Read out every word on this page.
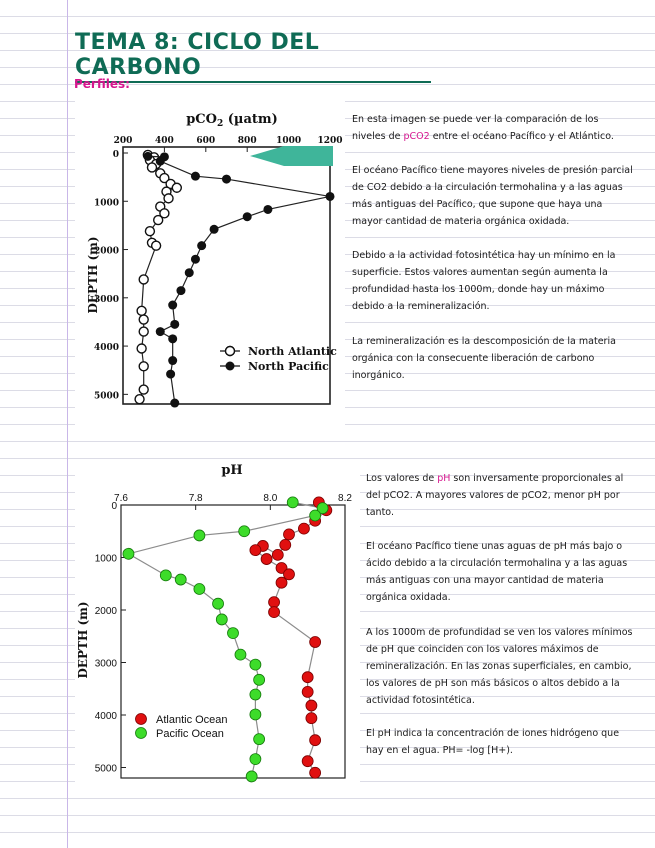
TEMA 8: CICLO DEL CARBONO
Perfiles:
200	400	600	800 1000 1200
0
1000
2000
3000
4000
5000
pCO$_2$ (µatm)
DEPTH (m)
North Atlantic
North Pacific
En esta imagen se puede ver la comparación de los niveles de pCO2 entre el océano Pacífico y el Atlántico.

El océano Pacífico tiene mayores niveles de presión parcial de CO2 debido a la circulación termohalina y a las aguas más antiguas del Pacífico, que supone que haya una mayor cantidad de materia orgánica oxidada.

Debido a la actividad fotosintética hay un mínimo en la superficie. Estos valores aumentan según aumenta la profundidad hasta los 1000m, donde hay un máximo debido a la remineralización.

La remineralización es la descomposición de la materia orgánica con la consecuente liberación de carbono inorgánico.

7.6	7.8	8.0	8.2
0
1000
2000
3000
4000
5000
pH
DEPTH (m)
Atlantic Ocean
Pacific Ocean
Los valores de pH son inversamente proporcionales al del pCO2. A mayores valores de pCO2, menor pH por tanto.

El océano Pacífico tiene unas aguas de pH más bajo o ácido debido a la circulación termohalina y a las aguas más antiguas con una mayor cantidad de materia orgánica oxidada.

A los 1000m de profundidad se ven los valores mínimos de pH que coinciden con los valores máximos de remineralización. En las zonas superficiales, en cambio, los valores de pH son más básicos o altos debido a la actividad fotosintética.

El pH indica la concentración de iones hidrógeno que hay en el agua. PH= -log [H+).
